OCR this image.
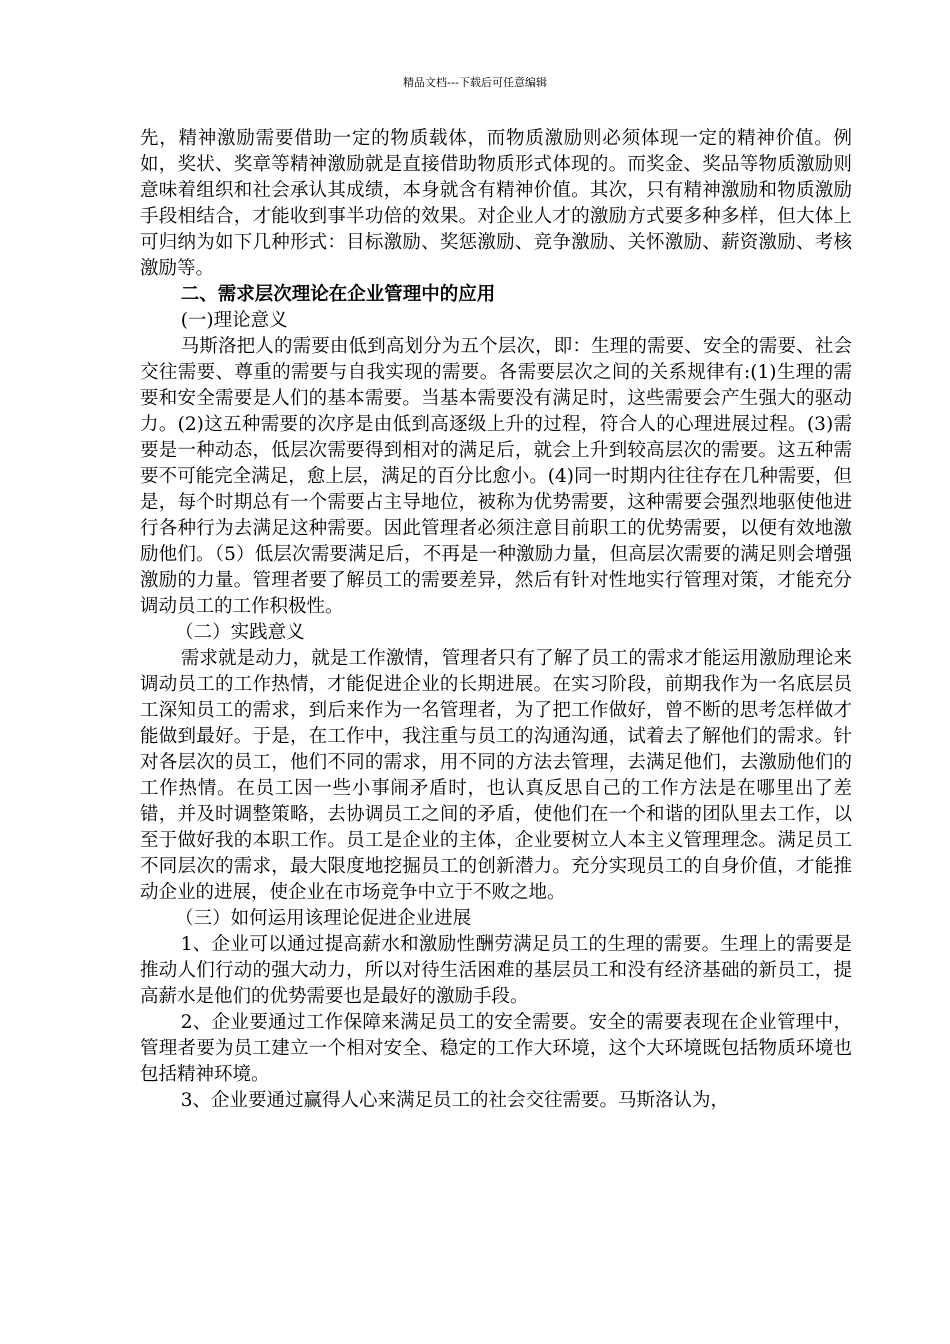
精品文档---下载后可任意编辑

先，精神激励需要借助一定的物质载体，而物质激励则必须体现一定的精神价值。例如，奖状、奖章等精神激励就是直接借助物质形式体现的。而奖金、奖品等物质激励则意味着组织和社会承认其成绩，本身就含有精神价值。其次，只有精神激励和物质激励手段相结合，才能收到事半功倍的效果。对企业人才的激励方式要多种多样，但大体上可归纳为如下几种形式：目标激励、奖惩激励、竞争激励、关怀激励、薪资激励、考核激励等。

二、需求层次理论在企业管理中的应用

(一)理论意义

马斯洛把人的需要由低到高划分为五个层次，即：生理的需要、安全的需要、社会交往需要、尊重的需要与自我实现的需要。各需要层次之间的关系规律有:(1)生理的需要和安全需要是人们的基本需要。当基本需要没有满足时，这些需要会产生强大的驱动力。(2)这五种需要的次序是由低到高逐级上升的过程，符合人的心理进展过程。(3)需要是一种动态，低层次需要得到相对的满足后，就会上升到较高层次的需要。这五种需要不可能完全满足，愈上层，满足的百分比愈小。(4)同一时期内往往存在几种需要，但是，每个时期总有一个需要占主导地位，被称为优势需要，这种需要会强烈地驱使他进行各种行为去满足这种需要。因此管理者必须注意目前职工的优势需要，以便有效地激励他们。（5）低层次需要满足后，不再是一种激励力量，但高层次需要的满足则会增强激励的力量。管理者要了解员工的需要差异，然后有针对性地实行管理对策，才能充分调动员工的工作积极性。

（二）实践意义

需求就是动力，就是工作激情，管理者只有了解了员工的需求才能运用激励理论来调动员工的工作热情，才能促进企业的长期进展。在实习阶段，前期我作为一名底层员工深知员工的需求，到后来作为一名管理者，为了把工作做好，曾不断的思考怎样做才能做到最好。于是，在工作中，我注重与员工的沟通沟通，试着去了解他们的需求。针对各层次的员工，他们不同的需求，用不同的方法去管理，去满足他们，去激励他们的工作热情。在员工因一些小事闹矛盾时，也认真反思自己的工作方法是在哪里出了差错，并及时调整策略，去协调员工之间的矛盾，使他们在一个和谐的团队里去工作，以至于做好我的本职工作。员工是企业的主体，企业要树立人本主义管理理念。满足员工不同层次的需求，最大限度地挖掘员工的创新潜力。充分实现员工的自身价值，才能推动企业的进展，使企业在市场竞争中立于不败之地。

（三）如何运用该理论促进企业进展

1、企业可以通过提高薪水和激励性酬劳满足员工的生理的需要。生理上的需要是推动人们行动的强大动力，所以对待生活困难的基层员工和没有经济基础的新员工，提高薪水是他们的优势需要也是最好的激励手段。

2、企业要通过工作保障来满足员工的安全需要。安全的需要表现在企业管理中，管理者要为员工建立一个相对安全、稳定的工作大环境，这个大环境既包括物质环境也包括精神环境。

3、企业要通过赢得人心来满足员工的社会交往需要。马斯洛认为，
